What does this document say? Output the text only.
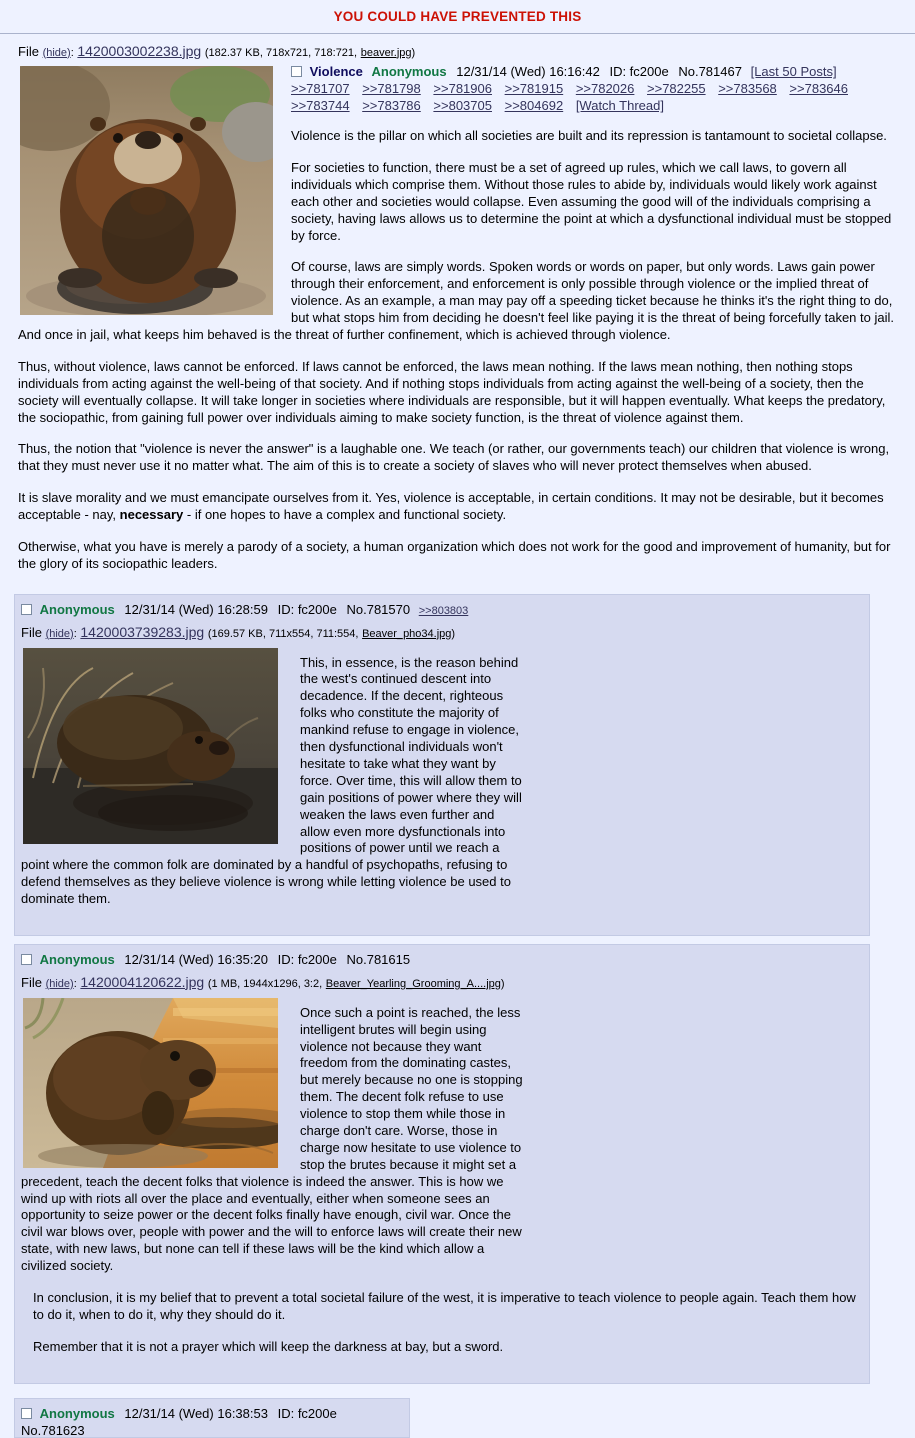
YOU COULD HAVE PREVENTED THIS
File (hide): 1420003002238.jpg (182.37 KB, 718x721, 718:721, beaver.jpg)
Violence Anonymous 12/31/14 (Wed) 16:16:42 ID: fc200e No.781467 [Last 50 Posts] >>781707 >>781798 >>781906 >>781915 >>782026 >>782255 >>783568 >>783646 >>783744 >>783786 >>803705 >>804692 [Watch Thread]

Violence is the pillar on which all societies are built and its repression is tantamount to societal collapse.

For societies to function, there must be a set of agreed up rules, which we call laws, to govern all individuals which comprise them. Without those rules to abide by, individuals would likely work against each other and societies would collapse. Even assuming the good will of the individuals comprising a society, having laws allows us to determine the point at which a dysfunctional individual must be stopped by force.

Of course, laws are simply words. Spoken words or words on paper, but only words. Laws gain power through their enforcement, and enforcement is only possible through violence or the implied threat of violence. As an example, a man may pay off a speeding ticket because he thinks it's the right thing to do, but what stops him from deciding he doesn't feel like paying it is the threat of being forcefully taken to jail. And once in jail, what keeps him behaved is the threat of further confinement, which is achieved through violence.

Thus, without violence, laws cannot be enforced. If laws cannot be enforced, the laws mean nothing. If the laws mean nothing, then nothing stops individuals from acting against the well-being of that society. And if nothing stops individuals from acting against the well-being of a society, then the society will eventually collapse. It will take longer in societies where individuals are responsible, but it will happen eventually. What keeps the predatory, the sociopathic, from gaining full power over individuals aiming to make society function, is the threat of violence against them.

Thus, the notion that "violence is never the answer" is a laughable one. We teach (or rather, our governments teach) our children that violence is wrong, that they must never use it no matter what. The aim of this is to create a society of slaves who will never protect themselves when abused.

It is slave morality and we must emancipate ourselves from it. Yes, violence is acceptable, in certain conditions. It may not be desirable, but it becomes acceptable - nay, necessary - if one hopes to have a complex and functional society.

Otherwise, what you have is merely a parody of a society, a human organization which does not work for the good and improvement of humanity, but for the glory of its sociopathic leaders.

Anonymous 12/31/14 (Wed) 16:28:59 ID: fc200e No.781570 >>803803
File (hide): 1420003739283.jpg (169.57 KB, 711x554, 711:554, Beaver_pho34.jpg)

This, in essence, is the reason behind the west's continued descent into decadence. If the decent, righteous folks who constitute the majority of mankind refuse to engage in violence, then dysfunctional individuals won't hesitate to take what they want by force. Over time, this will allow them to gain positions of power where they will weaken the laws even further and allow even more dysfunctionals into positions of power until we reach a point where the common folk are dominated by a handful of psychopaths, refusing to defend themselves as they believe violence is wrong while letting violence be used to dominate them.

Anonymous 12/31/14 (Wed) 16:35:20 ID: fc200e No.781615
File (hide): 1420004120622.jpg (1 MB, 1944x1296, 3:2, Beaver_Yearling_Grooming_A....jpg)

Once such a point is reached, the less intelligent brutes will begin using violence not because they want freedom from the dominating castes, but merely because no one is stopping them. The decent folk refuse to use violence to stop them while those in charge don't care. Worse, those in charge now hesitate to use violence to stop the brutes because it might set a precedent, teach the decent folks that violence is indeed the answer. This is how we wind up with riots all over the place and eventually, either when someone sees an opportunity to seize power or the decent folks finally have enough, civil war. Once the civil war blows over, people with power and the will to enforce laws will create their new state, with new laws, but none can tell if these laws will be the kind which allow a civilized society.

In conclusion, it is my belief that to prevent a total societal failure of the west, it is imperative to teach violence to people again. Teach them how to do it, when to do it, why they should do it.

Remember that it is not a prayer which will keep the darkness at bay, but a sword.

Anonymous 12/31/14 (Wed) 16:38:53 ID: fc200e No.781623
